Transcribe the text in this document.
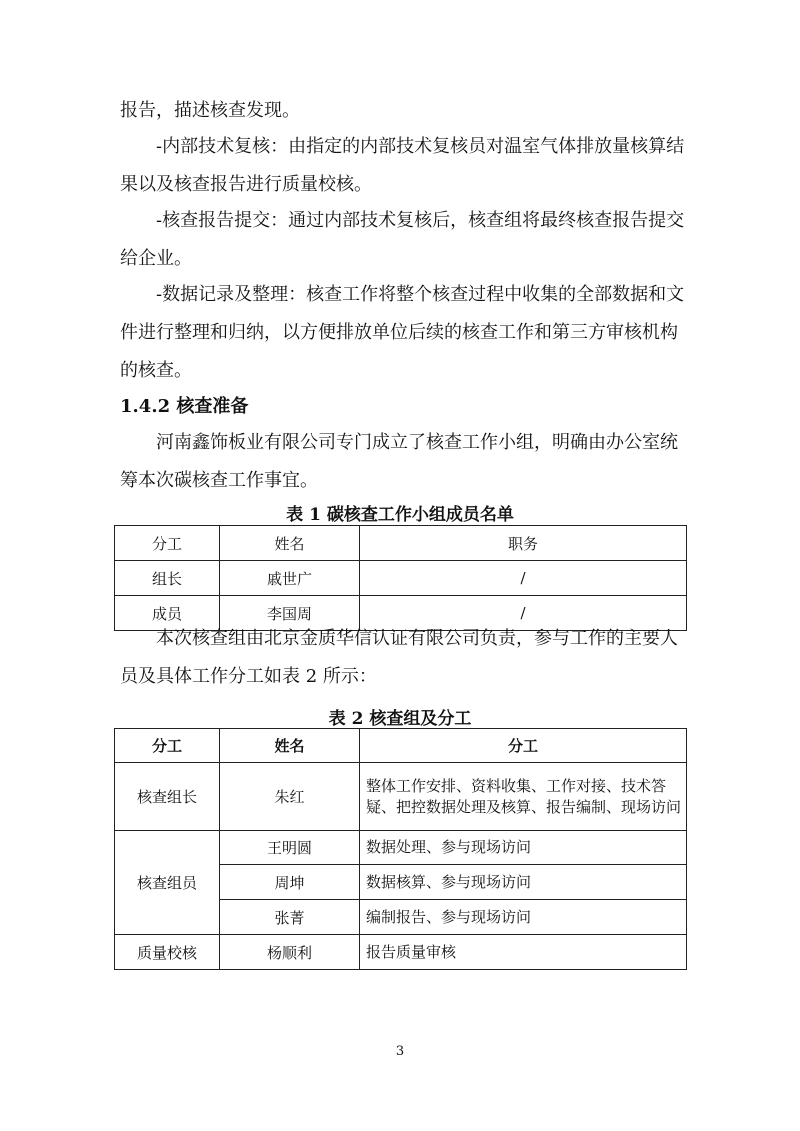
报告，描述核查发现。

-内部技术复核：由指定的内部技术复核员对温室气体排放量核算结果以及核查报告进行质量校核。

-核查报告提交：通过内部技术复核后，核查组将最终核查报告提交给企业。

-数据记录及整理：核查工作将整个核查过程中收集的全部数据和文件进行整理和归纳，以方便排放单位后续的核查工作和第三方审核机构的核查。

1.4.2 核查准备

河南鑫饰板业有限公司专门成立了核查工作小组，明确由办公室统筹本次碳核查工作事宜。

表 1 碳核查工作小组成员名单

分工	姓名	职务
组长	戚世广	/
成员	李国周	/

本次核查组由北京金质华信认证有限公司负责，参与工作的主要人员及具体工作分工如表 2 所示：

表 2 核查组及分工

分工	姓名	分工
核查组长	朱红	整体工作安排、资料收集、工作对接、技术答疑、把控数据处理及核算、报告编制、现场访问
核查组员	王明圆	数据处理、参与现场访问
	周坤	数据核算、参与现场访问
	张菁	编制报告、参与现场访问
质量校核	杨顺利	报告质量审核
3
